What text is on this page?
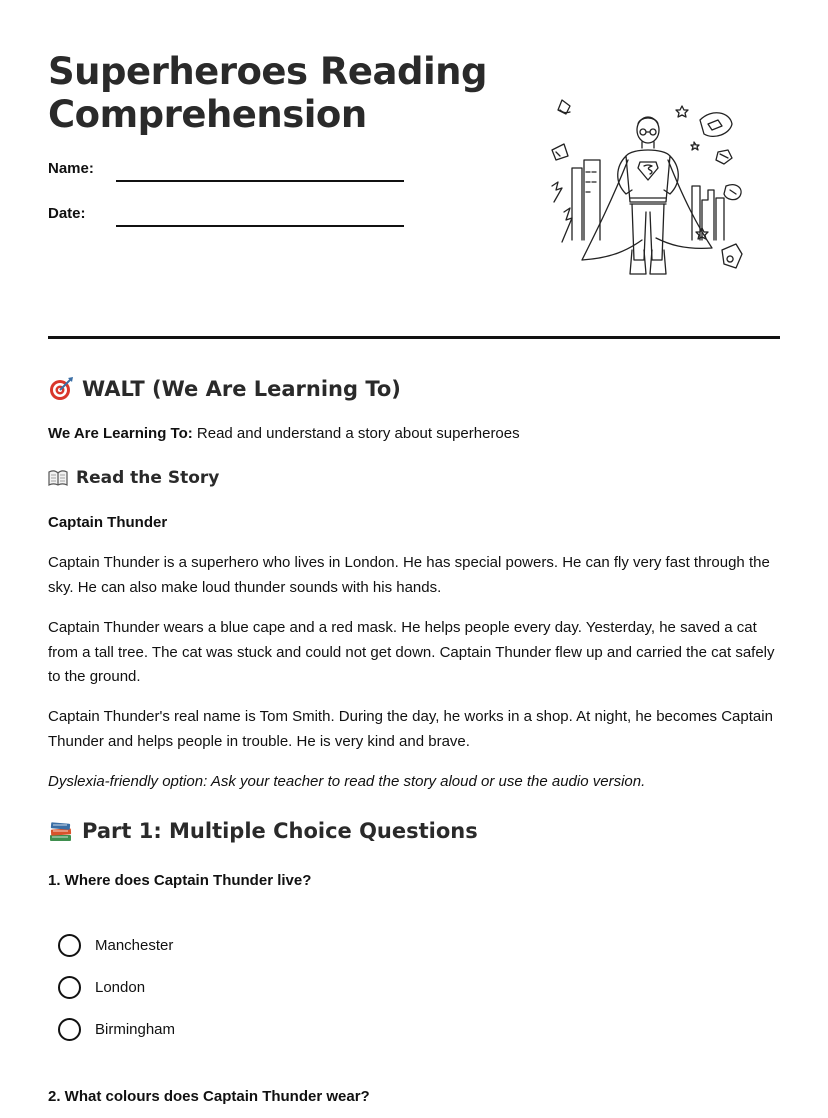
Superheroes Reading
Comprehension
Name:
Date:
WALT (We Are Learning To)
We Are Learning To: Read and understand a story about superheroes
Read the Story
Captain Thunder
Captain Thunder is a superhero who lives in London. He has special powers. He can fly very fast through the sky. He can also make loud thunder sounds with his hands.
Captain Thunder wears a blue cape and a red mask. He helps people every day. Yesterday, he saved a cat from a tall tree. The cat was stuck and could not get down. Captain Thunder flew up and carried the cat safely to the ground.
Captain Thunder's real name is Tom Smith. During the day, he works in a shop. At night, he becomes Captain Thunder and helps people in trouble. He is very kind and brave.
Dyslexia-friendly option: Ask your teacher to read the story aloud or use the audio version.
Part 1: Multiple Choice Questions
1. Where does Captain Thunder live?
Manchester
London
Birmingham
2. What colours does Captain Thunder wear?
